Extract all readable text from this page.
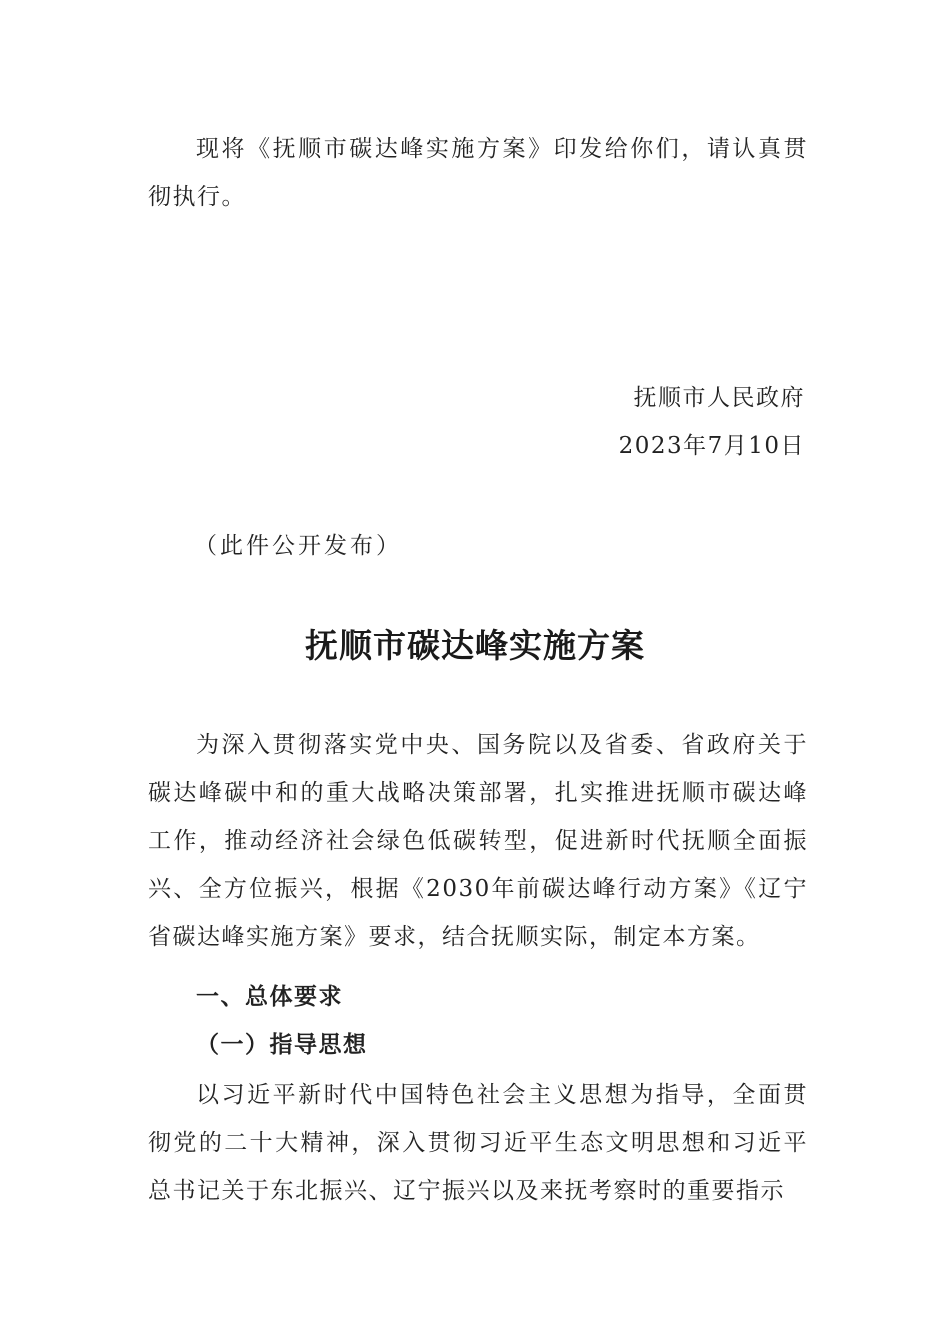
现将《抚顺市碳达峰实施方案》印发给你们，请认真贯彻执行。

抚顺市人民政府
2023年7月10日
（此件公开发布）
抚顺市碳达峰实施方案

为深入贯彻落实党中央、国务院以及省委、省政府关于碳达峰碳中和的重大战略决策部署，扎实推进抚顺市碳达峰工作，推动经济社会绿色低碳转型，促进新时代抚顺全面振兴、全方位振兴，根据《2030年前碳达峰行动方案》《辽宁省碳达峰实施方案》要求，结合抚顺实际，制定本方案。

一、总体要求
（一）指导思想

以习近平新时代中国特色社会主义思想为指导，全面贯彻党的二十大精神，深入贯彻习近平生态文明思想和习近平总书记关于东北振兴、辽宁振兴以及来抚考察时的重要指示
